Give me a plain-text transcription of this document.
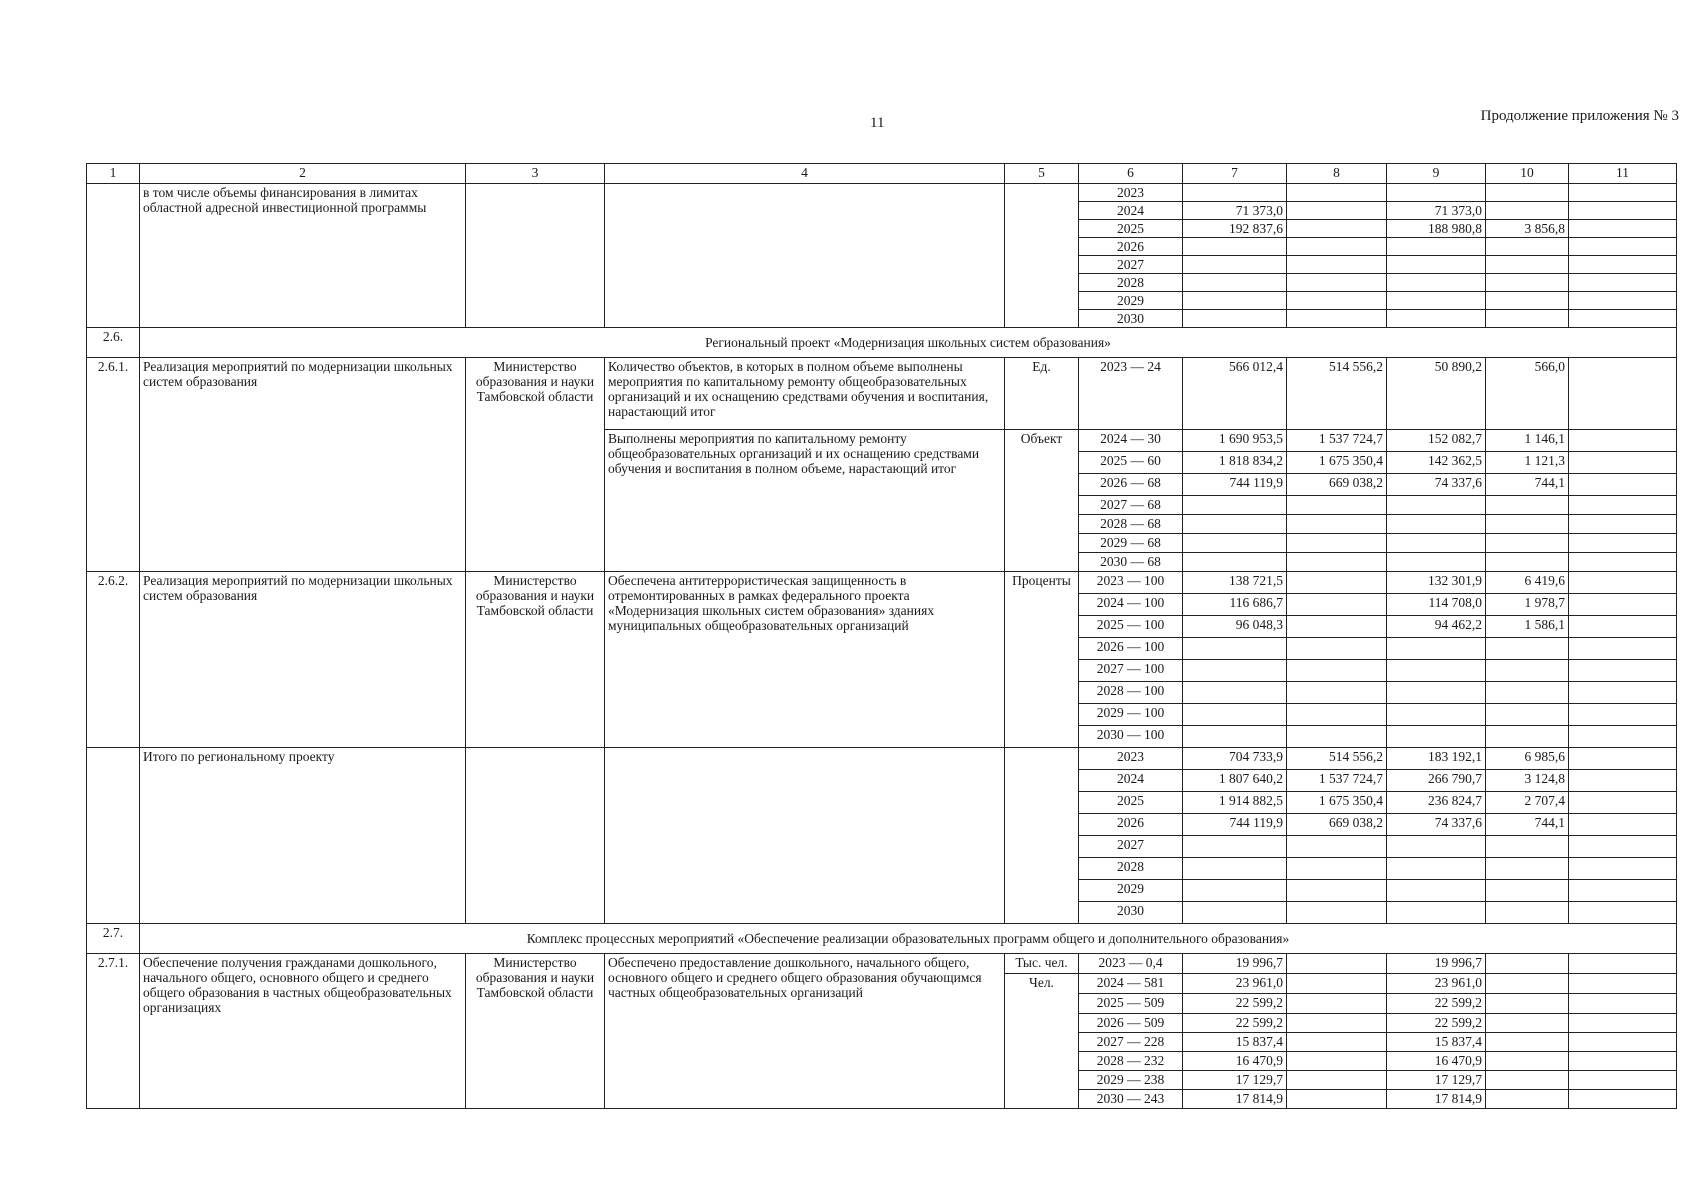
11	Продолжение приложения № 3
1	2	3	4	5	6	7	8	9	10	11
	в том числе объемы финансирования в лимитах областной адресной инвестиционной программы				2023					
					2024	71 373,0		71 373,0		
					2025	192 837,6		188 980,8	3 856,8	
					2026					
					2027					
					2028					
					2029					
					2030					
2.6.	Региональный проект «Модернизация школьных систем образования»									
2.6.1.	Реализация мероприятий по модернизации школьных систем образования	Министерство образования и науки Тамбовской области	Количество объектов, в которых в полном объеме выполнены мероприятия по капитальному ремонту общеобразовательных организаций и их оснащению средствами обучения и воспитания, нарастающий итог	Ед.	2023 — 24	566 012,4	514 556,2	50 890,2	566,0	
			Выполнены мероприятия по капитальному ремонту общеобразовательных организаций и их оснащению средствами обучения и воспитания в полном объеме, нарастающий итог	Объект	2024 — 30	1 690 953,5	1 537 724,7	152 082,7	1 146,1	
					2025 — 60	1 818 834,2	1 675 350,4	142 362,5	1 121,3	
					2026 — 68	744 119,9	669 038,2	74 337,6	744,1	
					2027 — 68					
					2028 — 68					
					2029 — 68					
					2030 — 68					
2.6.2.	Реализация мероприятий по модернизации школьных систем образования	Министерство образования и науки Тамбовской области	Обеспечена антитеррористическая защищенность в отремонтированных в рамках федерального проекта «Модернизация школьных систем образования» зданиях муниципальных общеобразовательных организаций	Проценты	2023 — 100	138 721,5		132 301,9	6 419,6	
					2024 — 100	116 686,7		114 708,0	1 978,7	
					2025 — 100	96 048,3		94 462,2	1 586,1	
					2026 — 100					
					2027 — 100					
					2028 — 100					
					2029 — 100					
					2030 — 100					
	Итого по региональному проекту				2023	704 733,9	514 556,2	183 192,1	6 985,6	
					2024	1 807 640,2	1 537 724,7	266 790,7	3 124,8	
					2025	1 914 882,5	1 675 350,4	236 824,7	2 707,4	
					2026	744 119,9	669 038,2	74 337,6	744,1	
					2027					
					2028					
					2029					
					2030					
2.7.	Комплекс процессных мероприятий «Обеспечение реализации образовательных программ общего и дополнительного образования»									
2.7.1.	Обеспечение получения гражданами дошкольного, начального общего, основного общего и среднего общего образования в частных общеобразовательных организациях	Министерство образования и науки Тамбовской области	Обеспечено предоставление дошкольного, начального общего, основного общего и среднего общего образования обучающимся частных общеобразовательных организаций	Тыс. чел.	2023 — 0,4	19 996,7		19 996,7		
				Чел.	2024 — 581	23 961,0		23 961,0		
					2025 — 509	22 599,2		22 599,2		
					2026 — 509	22 599,2		22 599,2		
					2027 — 228	15 837,4		15 837,4		
					2028 — 232	16 470,9		16 470,9		
					2029 — 238	17 129,7		17 129,7		
					2030 — 243	17 814,9		17 814,9		
